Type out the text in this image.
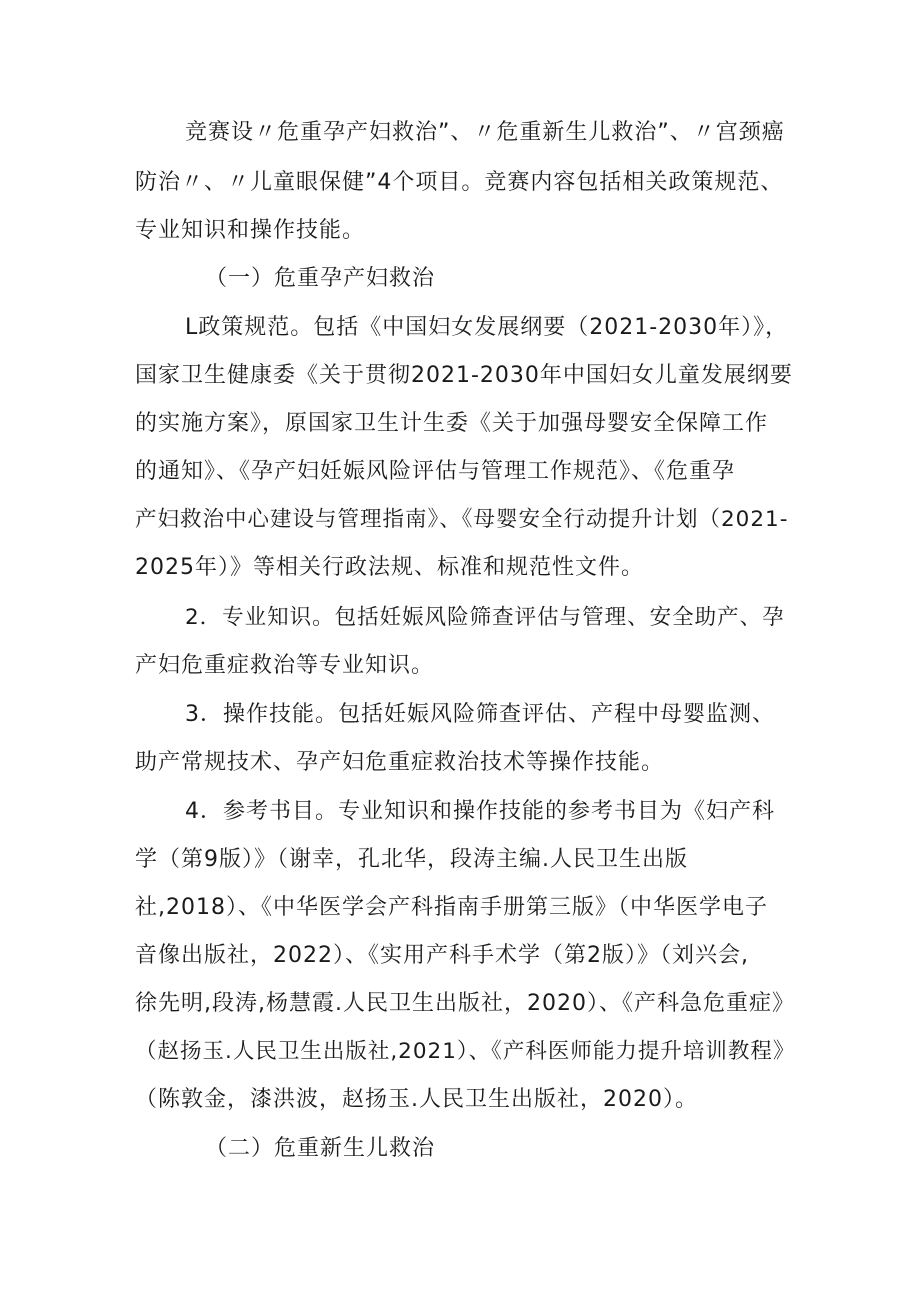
竞赛设〃危重孕产妇救治”、〃危重新生儿救治”、〃宫颈癌
防治〃、〃儿童眼保健”4个项目。竞赛内容包括相关政策规范、
专业知识和操作技能。
（一）危重孕产妇救治
L政策规范。包括《中国妇女发展纲要（2021-2030年）》，
国家卫生健康委《关于贯彻2021-2030年中国妇女儿童发展纲要
的实施方案》，原国家卫生计生委《关于加强母婴安全保障工作
的通知》、《孕产妇妊娠风险评估与管理工作规范》、《危重孕
产妇救治中心建设与管理指南》、《母婴安全行动提升计划（2021-
2025年）》等相关行政法规、标准和规范性文件。
2．专业知识。包括妊娠风险筛查评估与管理、安全助产、孕
产妇危重症救治等专业知识。
3．操作技能。包括妊娠风险筛查评估、产程中母婴监测、
助产常规技术、孕产妇危重症救治技术等操作技能。
4．参考书目。专业知识和操作技能的参考书目为《妇产科
学（第9版）》（谢幸，孔北华，段涛主编.人民卫生出版
社,2018）、《中华医学会产科指南手册第三版》（中华医学电子
音像出版社，2022）、《实用产科手术学（第2版）》（刘兴会,
徐先明,段涛,杨慧霞.人民卫生出版社，2020）、《产科急危重症》
（赵扬玉.人民卫生出版社,2021）、《产科医师能力提升培训教程》
（陈敦金，漆洪波，赵扬玉.人民卫生出版社，2020）。
（二）危重新生儿救治
